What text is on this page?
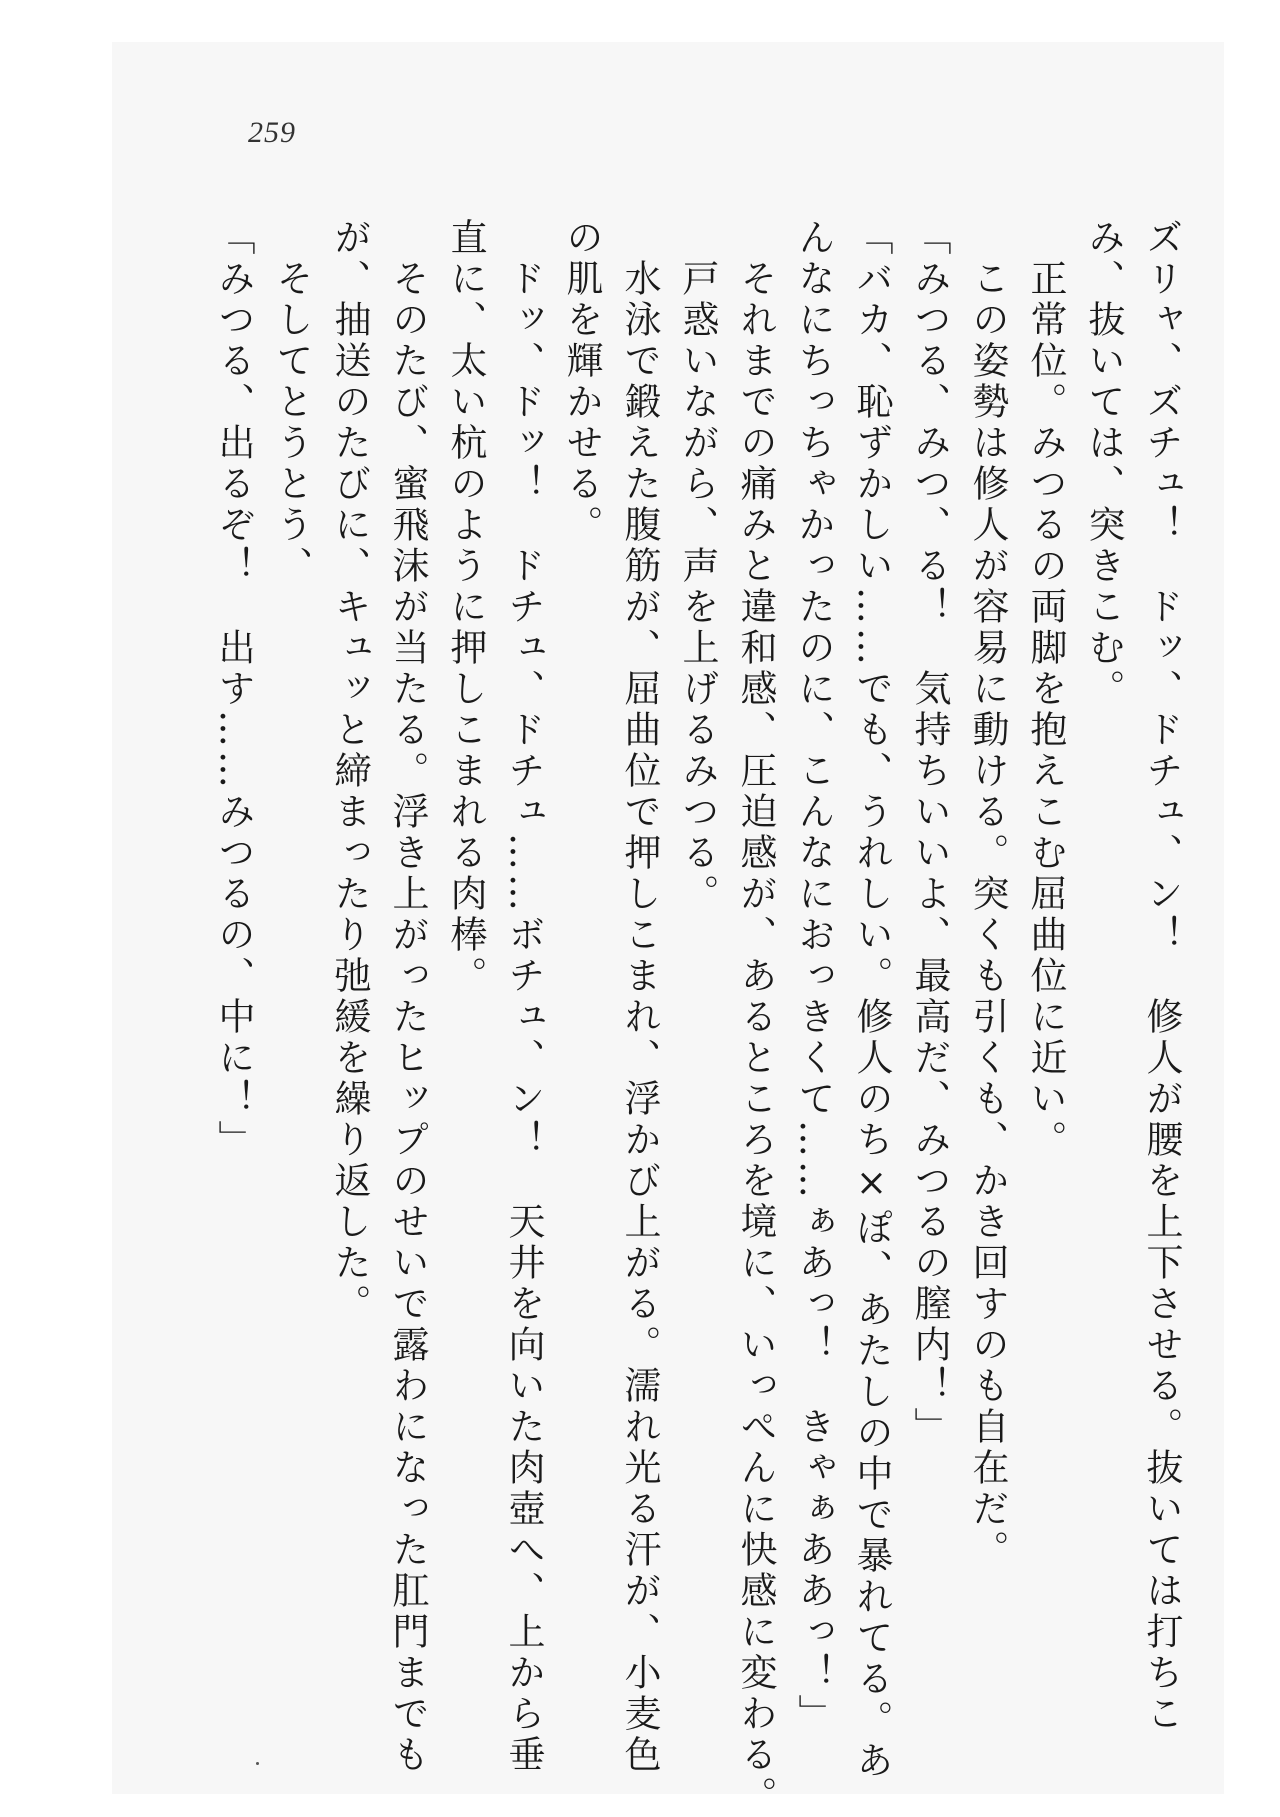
259
ズリャ、ズチュ！　ドッ、ドチュ、ン！　修人が腰を上下させる。抜いては打ちこ
み、抜いては、突きこむ。
　正常位。みつるの両脚を抱えこむ屈曲位に近い。
　この姿勢は修人が容易に動ける。突くも引くも、かき回すのも自在だ。
「みつる、みつ、る！　気持ちいいよ、最高だ、みつるの膣内！」
「バカ、恥ずかしい……でも、うれしい。修人のち×ぽ、あたしの中で暴れてる。あ
んなにちっちゃかったのに、こんなにおっきくて……ぁあっ！　きゃぁああっ！」
　それまでの痛みと違和感、圧迫感が、あるところを境に、いっぺんに快感に変わる。
　戸惑いながら、声を上げるみつる。
　水泳で鍛えた腹筋が、屈曲位で押しこまれ、浮かび上がる。濡れ光る汗が、小麦色
の肌を輝かせる。
　ドッ、ドッ！　ドチュ、ドチュ……ボチュ、ン！　天井を向いた肉壺へ、上から垂
直に、太い杭のように押しこまれる肉棒。
　そのたび、蜜飛沫が当たる。浮き上がったヒップのせいで露わになった肛門までも
が、抽送のたびに、キュッと締まったり弛緩を繰り返した。
　そしてとうとう、
「みつる、出るぞ！　出す……みつるの、中に！」
